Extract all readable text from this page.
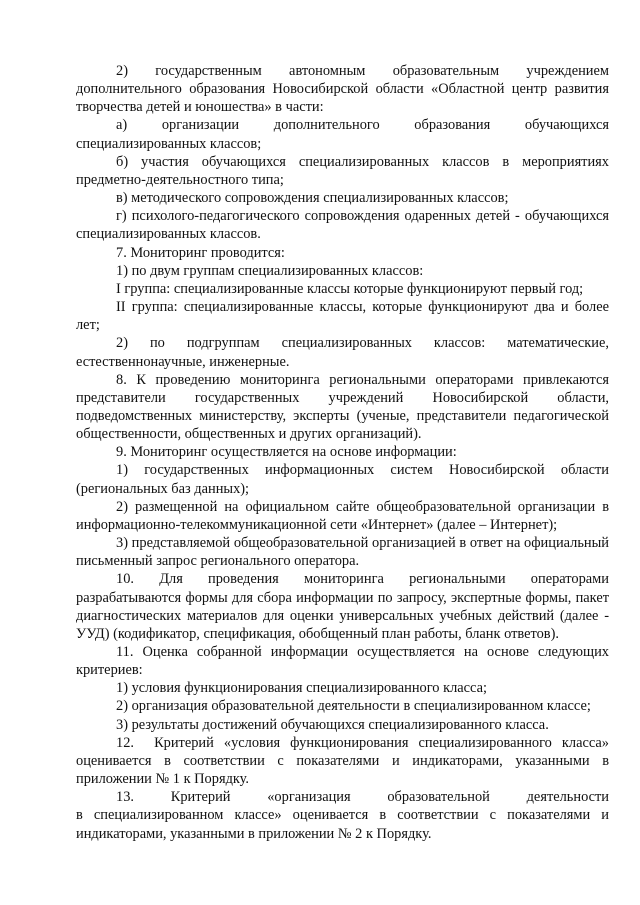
2) государственным автономным образовательным учреждением дополнительного образования Новосибирской области «Областной центр развития творчества детей и юношества» в части:

а) организации дополнительного образования обучающихся специализированных классов;

б) участия обучающихся специализированных классов в мероприятиях предметно-деятельностного типа;

в) методического сопровождения специализированных классов;

г) психолого-педагогического сопровождения одаренных детей - обучающихся специализированных классов.

7. Мониторинг проводится:

1) по двум группам специализированных классов:

I группа: специализированные классы которые функционируют первый год;

II группа: специализированные классы, которые функционируют два и более лет;

2) по подгруппам специализированных классов: математические, естественнонаучные, инженерные.

8. К проведению мониторинга региональными операторами привлекаются представители государственных учреждений Новосибирской области, подведомственных министерству, эксперты (ученые, представители педагогической общественности, общественных и других организаций).

9. Мониторинг осуществляется на основе информации:

1) государственных информационных систем Новосибирской области (региональных баз данных);

2) размещенной на официальном сайте общеобразовательной организации в информационно-телекоммуникационной сети «Интернет» (далее – Интернет);

3) представляемой общеобразовательной организацией в ответ на официальный письменный запрос регионального оператора.

10. Для проведения мониторинга региональными операторами разрабатываются формы для сбора информации по запросу, экспертные формы, пакет диагностических материалов для оценки универсальных учебных действий (далее - УУД) (кодификатор, спецификация, обобщенный план работы, бланк ответов).

11. Оценка собранной информации осуществляется на основе следующих критериев:

1) условия функционирования специализированного класса;

2) организация образовательной деятельности в специализированном классе;

3) результаты достижений обучающихся специализированного класса.

12.  Критерий «условия функционирования специализированного класса» оценивается в соответствии с показателями и индикаторами, указанными в приложении № 1 к Порядку.

13. Критерий «организация образовательной деятельности в специализированном классе» оценивается в соответствии с показателями и индикаторами, указанными в приложении № 2 к Порядку.
